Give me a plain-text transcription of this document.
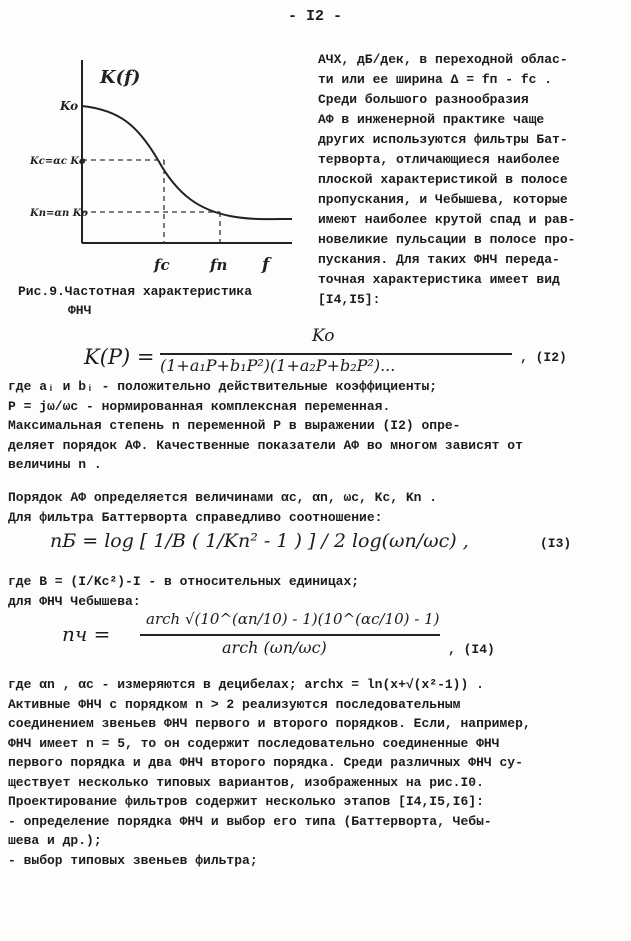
- I2 -
K(f)
Ko
Kc=αc Ko
Kn=αn Ko
fc	fn f
Рис.9.Частотная характеристика
ФНЧ
АЧХ, дБ/дек, в переходной облас-
ти или ее ширина Δ = fп - fc .
Среди большого разнообразия
АФ в инженерной практике чаще
других используются фильтры Бат-
терворта, отличающиеся наиболее
плоской характеристикой в полосе
пропускания, и Чебышева, которые
имеют наиболее крутой спад и рав-
новеликие пульсации в полосе про-
пускания. Для таких ФНЧ переда-
точная характеристика имеет вид
[I4,I5]:
K(P) =
Ko
(1+a₁P+b₁P²)(1+a₂P+b₂P²)...	, (I2)
где aᵢ и bᵢ - положительно действительные коэффициенты;
P = jω/ωc - нормированная комплексная переменная.
Максимальная степень n переменной P в выражении (I2) опре-
деляет порядок АФ. Качественные показатели АФ во многом зависят от
величины n .
Порядок АФ определяется величинами αc, αn, ωc, Kc, Kn .
Для фильтра Баттерворта справедливо соотношение:
nБ = log [ 1/B ( 1/Kn² - 1 ) ] / 2 log(ωn/ωc) ,	(I3)
где B = (I/Kc²)-I - в относительных единицах;
для ФНЧ Чебышева:
nч =
arch √(10^(αn/10) - 1)(10^(αc/10) - 1)
arch (ωn/ωc)	, (I4)
где αn , αc - измеряются в децибелах; archx = ln(x+√(x²-1)) .
Активные ФНЧ с порядком n > 2 реализуются последовательным
соединением звеньев ФНЧ первого и второго порядков. Если, например,
ФНЧ имеет n = 5, то он содержит последовательно соединенные ФНЧ
первого порядка и два ФНЧ второго порядка. Среди различных ФНЧ су-
ществует несколько типовых вариантов, изображенных на рис.I0.
Проектирование фильтров содержит несколько этапов [I4,I5,I6]:
- определение порядка ФНЧ и выбор его типа (Баттерворта, Чебы-
шева и др.);
- выбор типовых звеньев фильтра;
